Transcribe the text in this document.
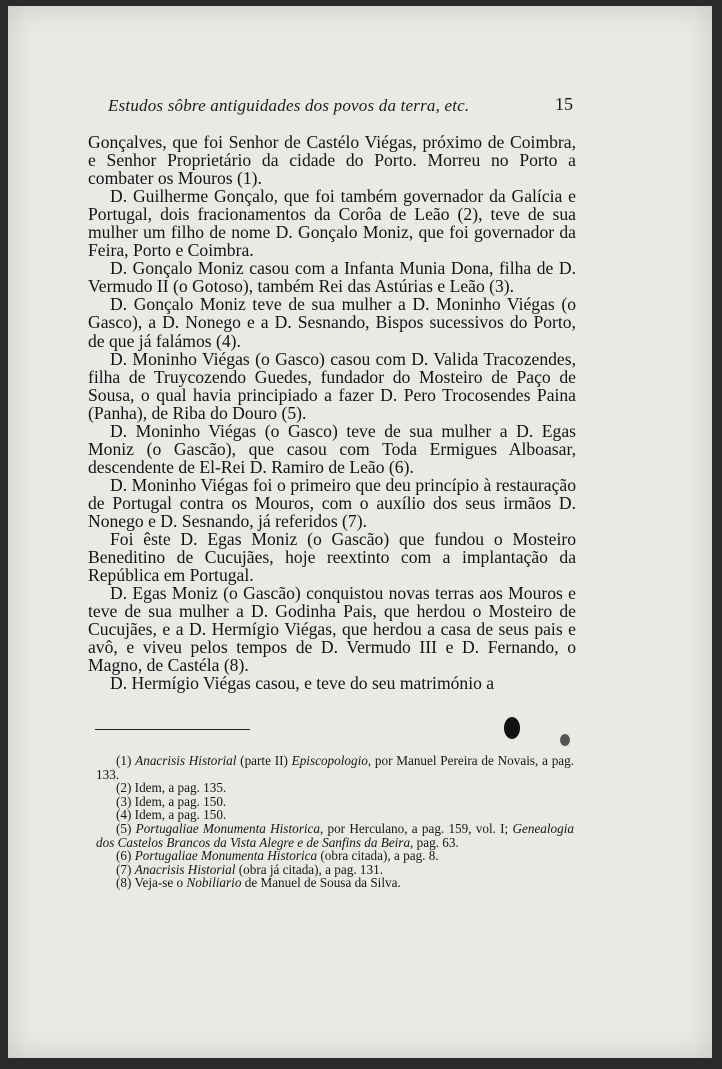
Estudos sôbre antiguidades dos povos da terra, etc.	15

Gonçalves, que foi Senhor de Castélo Viégas, próximo de Coimbra, e Senhor Proprietário da cidade do Porto. Morreu no Porto a combater os Mouros (1).

D. Guilherme Gonçalo, que foi também governador da Galícia e Portugal, dois fracionamentos da Corôa de Leão (2), teve de sua mulher um filho de nome D. Gonçalo Moniz, que foi governador da Feira, Porto e Coimbra.

D. Gonçalo Moniz casou com a Infanta Munia Dona, filha de D. Vermudo II (o Gotoso), também Rei das Astúrias e Leão (3).

D. Gonçalo Moniz teve de sua mulher a D. Moninho Viégas (o Gasco), a D. Nonego e a D. Sesnando, Bispos sucessivos do Porto, de que já falámos (4).

D. Moninho Viégas (o Gasco) casou com D. Valida Tracozendes, filha de Truycozendo Guedes, fundador do Mosteiro de Paço de Sousa, o qual havia principiado a fazer D. Pero Trocosendes Paina (Panha), de Riba do Douro (5).

D. Moninho Viégas (o Gasco) teve de sua mulher a D. Egas Moniz (o Gascão), que casou com Toda Ermigues Alboasar, descendente de El-Rei D. Ramiro de Leão (6).

D. Moninho Viégas foi o primeiro que deu princípio à restauração de Portugal contra os Mouros, com o auxílio dos seus irmãos D. Nonego e D. Sesnando, já referidos (7).

Foi êste D. Egas Moniz (o Gascão) que fundou o Mosteiro Beneditino de Cucujães, hoje reextinto com a implantação da República em Portugal.

D. Egas Moniz (o Gascão) conquistou novas terras aos Mouros e teve de sua mulher a D. Godinha Pais, que herdou o Mosteiro de Cucujães, e a D. Hermígio Viégas, que herdou a casa de seus pais e avô, e viveu pelos tempos de D. Vermudo III e D. Fernando, o Magno, de Castéla (8).

D. Hermígio Viégas casou, e teve do seu matrimónio a

(1) Anacrisis Historial (parte II) Episcopologio, por Manuel Pereira de Novais, a pag. 133.

(2) Idem, a pag. 135.

(3) Idem, a pag. 150.

(4) Idem, a pag. 150.

(5) Portugaliae Monumenta Historica, por Herculano, a pag. 159, vol. I; Genealogia dos Castelos Brancos da Vista Alegre e de Sanfins da Beira, pag. 63.

(6) Portugaliae Monumenta Historica (obra citada), a pag. 8.

(7) Anacrisis Historial (obra já citada), a pag. 131.

(8) Veja-se o Nobiliario de Manuel de Sousa da Silva.
